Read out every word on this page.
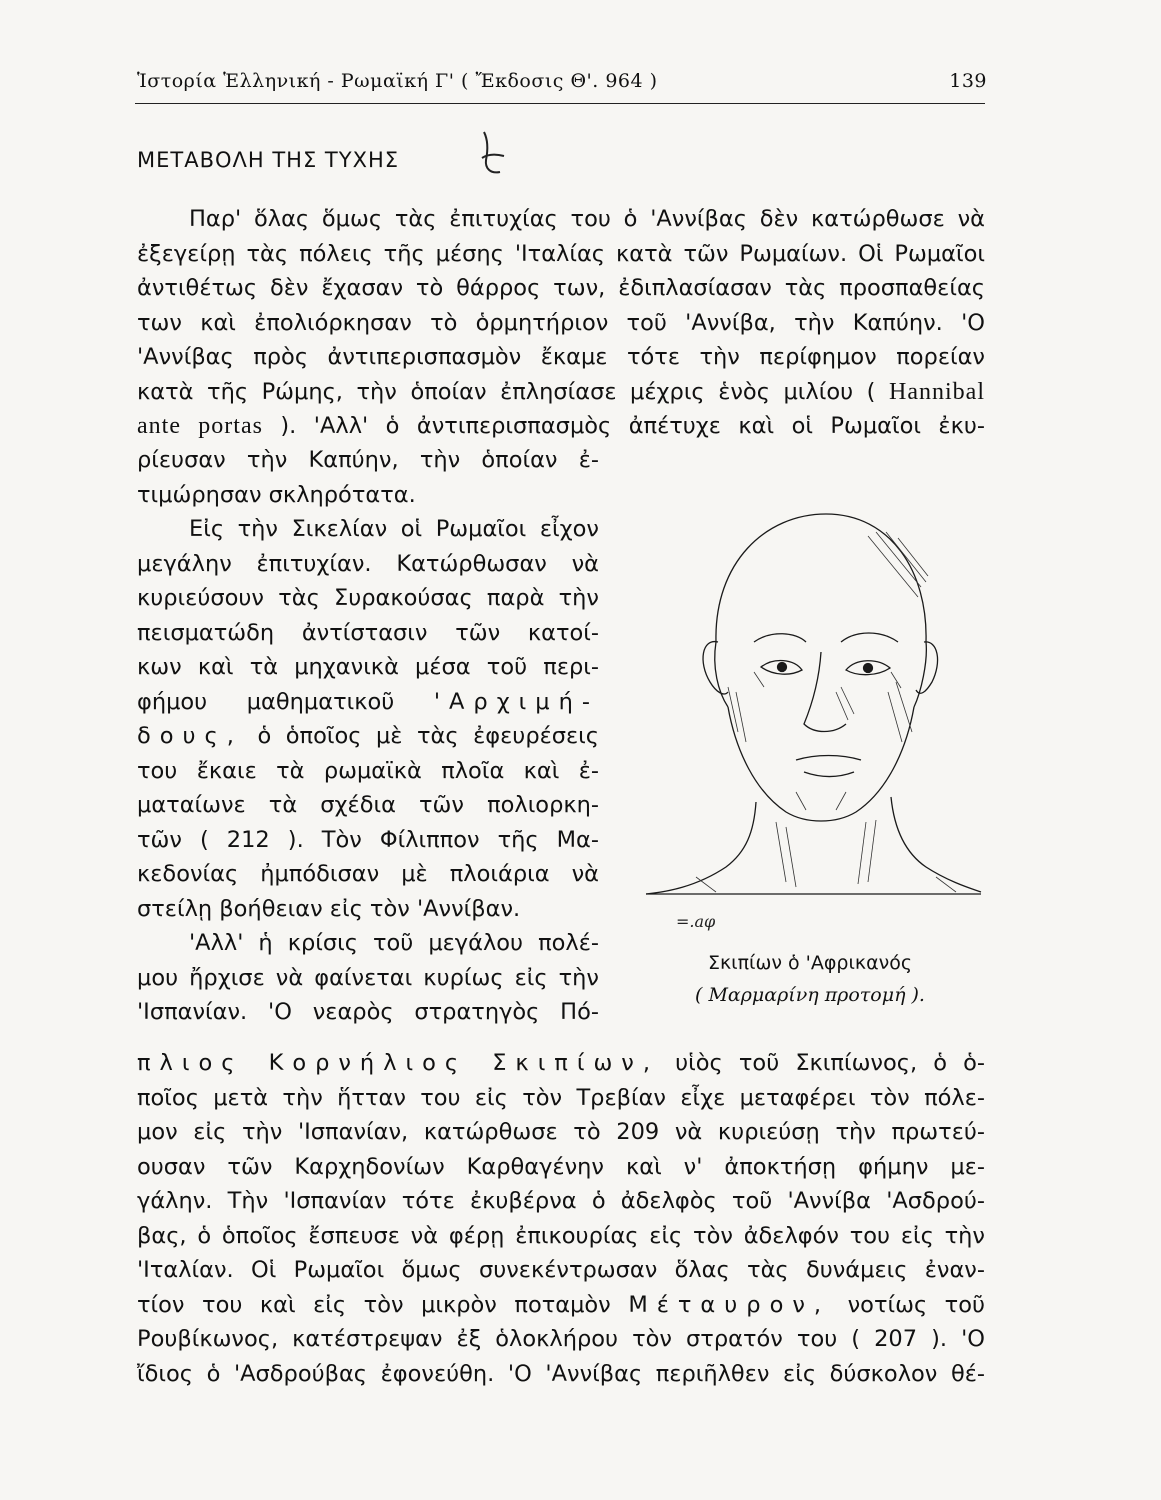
Ἱστορία Ἑλληνική - Ρωμαϊκή Γ' ( Ἔκδοσις Θ'. 964 )	139
ΜΕΤΑΒΟΛΗ ΤΗΣ ΤΥΧΗΣ
Παρ' ὅλας ὅμως τὰς ἐπιτυχίας του ὁ 'Αννίβας δὲν κατώρθωσε νὰ
ἐξεγείρῃ τὰς πόλεις τῆς μέσης 'Ιταλίας κατὰ τῶν Ρωμαίων. Οἱ Ρωμαῖοι
ἀντιθέτως δὲν ἔχασαν τὸ θάρρος των, ἐδιπλασίασαν τὰς προσπαθείας
των καὶ ἐπολιόρκησαν τὸ ὁρμητήριον τοῦ 'Αννίβα, τὴν Καπύην. 'Ο
'Αννίβας πρὸς ἀντιπερισπασμὸν ἔκαμε τότε τὴν περίφημον πορείαν
κατὰ τῆς Ρώμης, τὴν ὁποίαν ἐπλησίασε μέχρις ἑνὸς μιλίου ( Hannibal
ante portas ). 'Αλλ' ὁ ἀντιπερισπασμὸς ἀπέτυχε καὶ οἱ Ρωμαῖοι ἐκυ-
ρίευσαν τὴν Καπύην, τὴν ὁποίαν ἐ-
τιμώρησαν σκληρότατα.
Εἰς τὴν Σικελίαν οἱ Ρωμαῖοι εἶχον
μεγάλην ἐπιτυχίαν. Κατώρθωσαν νὰ
κυριεύσουν τὰς Συρακούσας παρὰ τὴν
πεισματώδη ἀντίστασιν τῶν κατοί-
κων καὶ τὰ μηχανικὰ μέσα τοῦ περι-
φήμου μαθηματικοῦ 'Αρχιμή-
δους, ὁ ὁποῖος μὲ τὰς ἐφευρέσεις
του ἔκαιε τὰ ρωμαϊκὰ πλοῖα καὶ ἐ-
ματαίωνε τὰ σχέδια τῶν πολιορκη-
τῶν ( 212 ). Τὸν Φίλιππον τῆς Μα-
κεδονίας ἠμπόδισαν μὲ πλοιάρια νὰ
στείλῃ βοήθειαν εἰς τὸν 'Αννίβαν.
'Αλλ' ἡ κρίσις τοῦ μεγάλου πολέ-
μου ἤρχισε νὰ φαίνεται κυρίως εἰς τὴν
'Ισπανίαν. 'Ο νεαρὸς στρατηγὸς Πό-
=.aφ
Σκιπίων ὁ 'Αφρικανός
( Μαρμαρίνη προτομή ).
πλιος Κορνήλιος Σκιπίων, υἱὸς τοῦ Σκιπίωνος, ὁ ὁ-
ποῖος μετὰ τὴν ἥτταν του εἰς τὸν Τρεβίαν εἶχε μεταφέρει τὸν πόλε-
μον εἰς τὴν 'Ισπανίαν, κατώρθωσε τὸ 209 νὰ κυριεύσῃ τὴν πρωτεύ-
ουσαν τῶν Καρχηδονίων Καρθαγένην καὶ ν' ἀποκτήσῃ φήμην με-
γάλην. Τὴν 'Ισπανίαν τότε ἐκυβέρνα ὁ ἀδελφὸς τοῦ 'Αννίβα 'Ασδρού-
βας, ὁ ὁποῖος ἔσπευσε νὰ φέρῃ ἐπικουρίας εἰς τὸν ἀδελφόν του εἰς τὴν
'Ιταλίαν. Οἱ Ρωμαῖοι ὅμως συνεκέντρωσαν ὅλας τὰς δυνάμεις ἐναν-
τίον του καὶ εἰς τὸν μικρὸν ποταμὸν Μέταυρον, νοτίως τοῦ
Ρουβίκωνος, κατέστρεψαν ἐξ ὁλοκλήρου τὸν στρατόν του ( 207 ). 'Ο
ἴδιος ὁ 'Ασδρούβας ἐφονεύθη. 'Ο 'Αννίβας περιῆλθεν εἰς δύσκολον θέ-
